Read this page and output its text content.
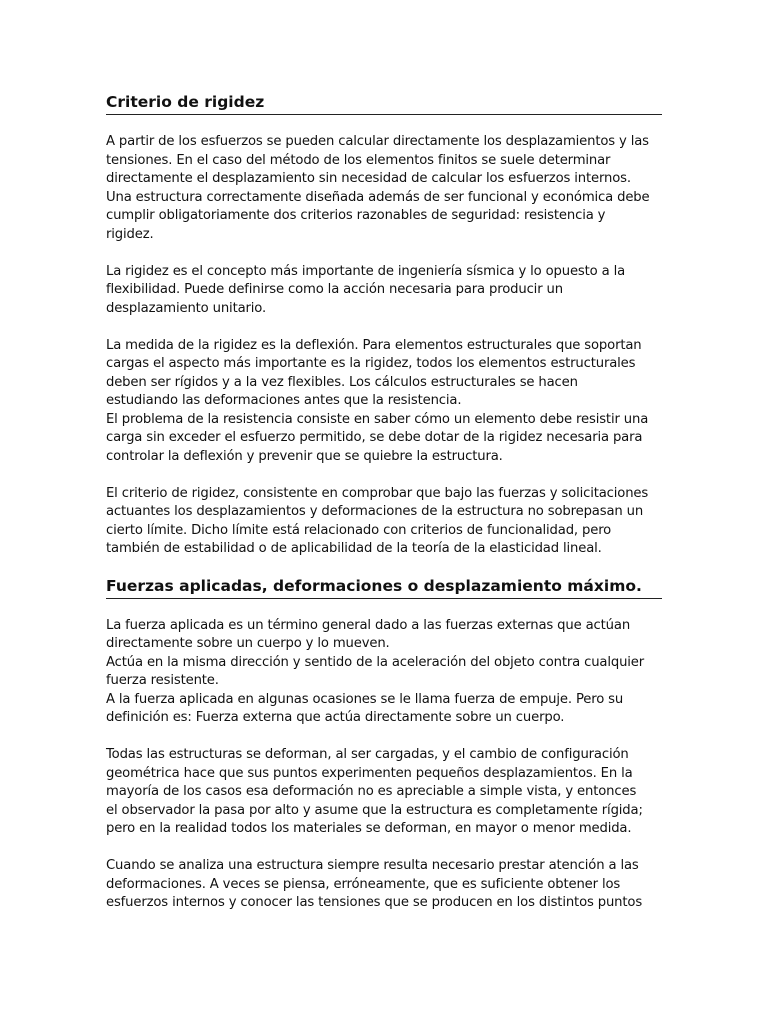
Criterio de rigidez

A partir de los esfuerzos se pueden calcular directamente los desplazamientos y las
tensiones. En el caso del método de los elementos finitos se suele determinar
directamente el desplazamiento sin necesidad de calcular los esfuerzos internos.
Una estructura correctamente diseñada además de ser funcional y económica debe
cumplir obligatoriamente dos criterios razonables de seguridad: resistencia y
rigidez.

La rigidez es el concepto más importante de ingeniería sísmica y lo opuesto a la
flexibilidad. Puede definirse como la acción necesaria para producir un
desplazamiento unitario.

La medida de la rigidez es la deflexión. Para elementos estructurales que soportan
cargas el aspecto más importante es la rigidez, todos los elementos estructurales
deben ser rígidos y a la vez flexibles. Los cálculos estructurales se hacen
estudiando las deformaciones antes que la resistencia.
El problema de la resistencia consiste en saber cómo un elemento debe resistir una
carga sin exceder el esfuerzo permitido, se debe dotar de la rigidez necesaria para
controlar la deflexión y prevenir que se quiebre la estructura.

El criterio de rigidez, consistente en comprobar que bajo las fuerzas y solicitaciones
actuantes los desplazamientos y deformaciones de la estructura no sobrepasan un
cierto límite. Dicho límite está relacionado con criterios de funcionalidad, pero
también de estabilidad o de aplicabilidad de la teoría de la elasticidad lineal.

Fuerzas aplicadas, deformaciones o desplazamiento máximo.

La fuerza aplicada es un término general dado a las fuerzas externas que actúan
directamente sobre un cuerpo y lo mueven.
Actúa en la misma dirección y sentido de la aceleración del objeto contra cualquier
fuerza resistente.
A la fuerza aplicada en algunas ocasiones se le llama fuerza de empuje. Pero su
definición es: Fuerza externa que actúa directamente sobre un cuerpo.

Todas las estructuras se deforman, al ser cargadas, y el cambio de configuración
geométrica hace que sus puntos experimenten pequeños desplazamientos. En la
mayoría de los casos esa deformación no es apreciable a simple vista, y entonces
el observador la pasa por alto y asume que la estructura es completamente rígida;
pero en la realidad todos los materiales se deforman, en mayor o menor medida.

Cuando se analiza una estructura siempre resulta necesario prestar atención a las
deformaciones. A veces se piensa, erróneamente, que es suficiente obtener los
esfuerzos internos y conocer las tensiones que se producen en los distintos puntos
